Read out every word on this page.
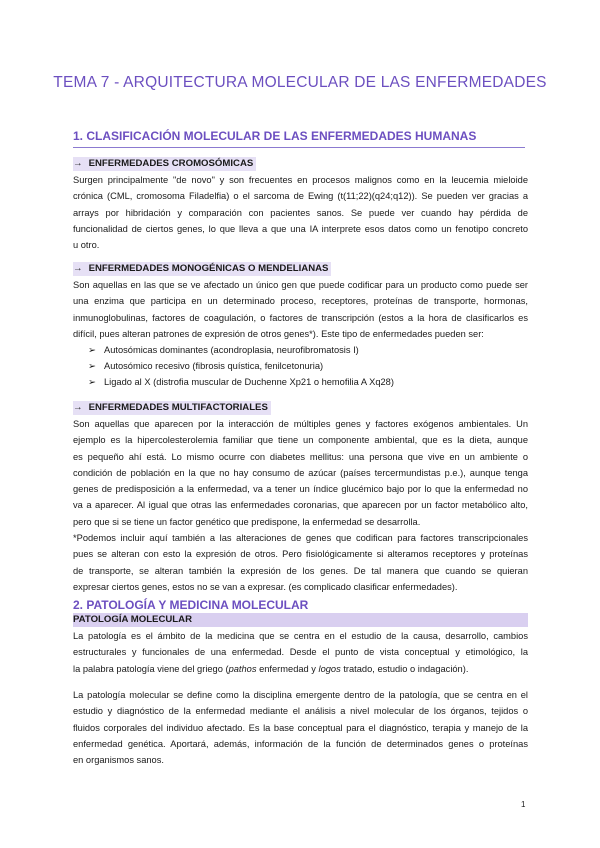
TEMA 7 - ARQUITECTURA MOLECULAR DE LAS ENFERMEDADES
1. CLASIFICACIÓN MOLECULAR DE LAS ENFERMEDADES HUMANAS
→ ENFERMEDADES CROMOSÓMICAS
Surgen principalmente "de novo" y son frecuentes en procesos malignos como en la leucemia mieloide
crónica (CML, cromosoma Filadelfia) o el sarcoma de Ewing (t(11;22)(q24;q12)). Se pueden ver gracias a
arrays por hibridación y comparación con pacientes sanos. Se puede ver cuando hay pérdida de
funcionalidad de ciertos genes, lo que lleva a que una IA interprete esos datos como un fenotipo concreto
u otro.
→ ENFERMEDADES MONOGÉNICAS O MENDELIANAS
Son aquellas en las que se ve afectado un único gen que puede codificar para un producto como puede ser
una enzima que participa en un determinado proceso, receptores, proteínas de transporte, hormonas,
inmunoglobulinas, factores de coagulación, o factores de transcripción (estos a la hora de clasificarlos es
difícil, pues alteran patrones de expresión de otros genes*). Este tipo de enfermedades pueden ser:
➢ Autosómicas dominantes (acondroplasia, neurofibromatosis I)
➢ Autosómico recesivo (fibrosis quística, fenilcetonuria)
➢ Ligado al X (distrofia muscular de Duchenne Xp21 o hemofilia A Xq28)
→ ENFERMEDADES MULTIFACTORIALES
Son aquellas que aparecen por la interacción de múltiples genes y factores exógenos ambientales. Un
ejemplo es la hipercolesterolemia familiar que tiene un componente ambiental, que es la dieta, aunque
es pequeño ahí está. Lo mismo ocurre con diabetes mellitus: una persona que vive en un ambiente o
condición de población en la que no hay consumo de azúcar (países tercermundistas p.e.), aunque tenga
genes de predisposición a la enfermedad, va a tener un índice glucémico bajo por lo que la enfermedad no
va a aparecer. Al igual que otras las enfermedades coronarias, que aparecen por un factor metabólico alto,
pero que si se tiene un factor genético que predispone, la enfermedad se desarrolla.
*Podemos incluir aquí también a las alteraciones de genes que codifican para factores transcripcionales
pues se alteran con esto la expresión de otros. Pero fisiológicamente si alteramos receptores y proteínas
de transporte, se alteran también la expresión de los genes. De tal manera que cuando se quieran
expresar ciertos genes, estos no se van a expresar. (es complicado clasificar enfermedades).
2. PATOLOGÍA Y MEDICINA MOLECULAR
PATOLOGÍA MOLECULAR
La patología es el ámbito de la medicina que se centra en el estudio de la causa, desarrollo, cambios
estructurales y funcionales de una enfermedad. Desde el punto de vista conceptual y etimológico, la
la palabra patología viene del griego (pathos enfermedad y logos tratado, estudio o indagación).
La patología molecular se define como la disciplina emergente dentro de la patología, que se centra en el
estudio y diagnóstico de la enfermedad mediante el análisis a nivel molecular de los órganos, tejidos o
fluidos corporales del individuo afectado. Es la base conceptual para el diagnóstico, terapia y manejo de la
enfermedad genética. Aportará, además, información de la función de determinados genes o proteínas
en organismos sanos.
1
